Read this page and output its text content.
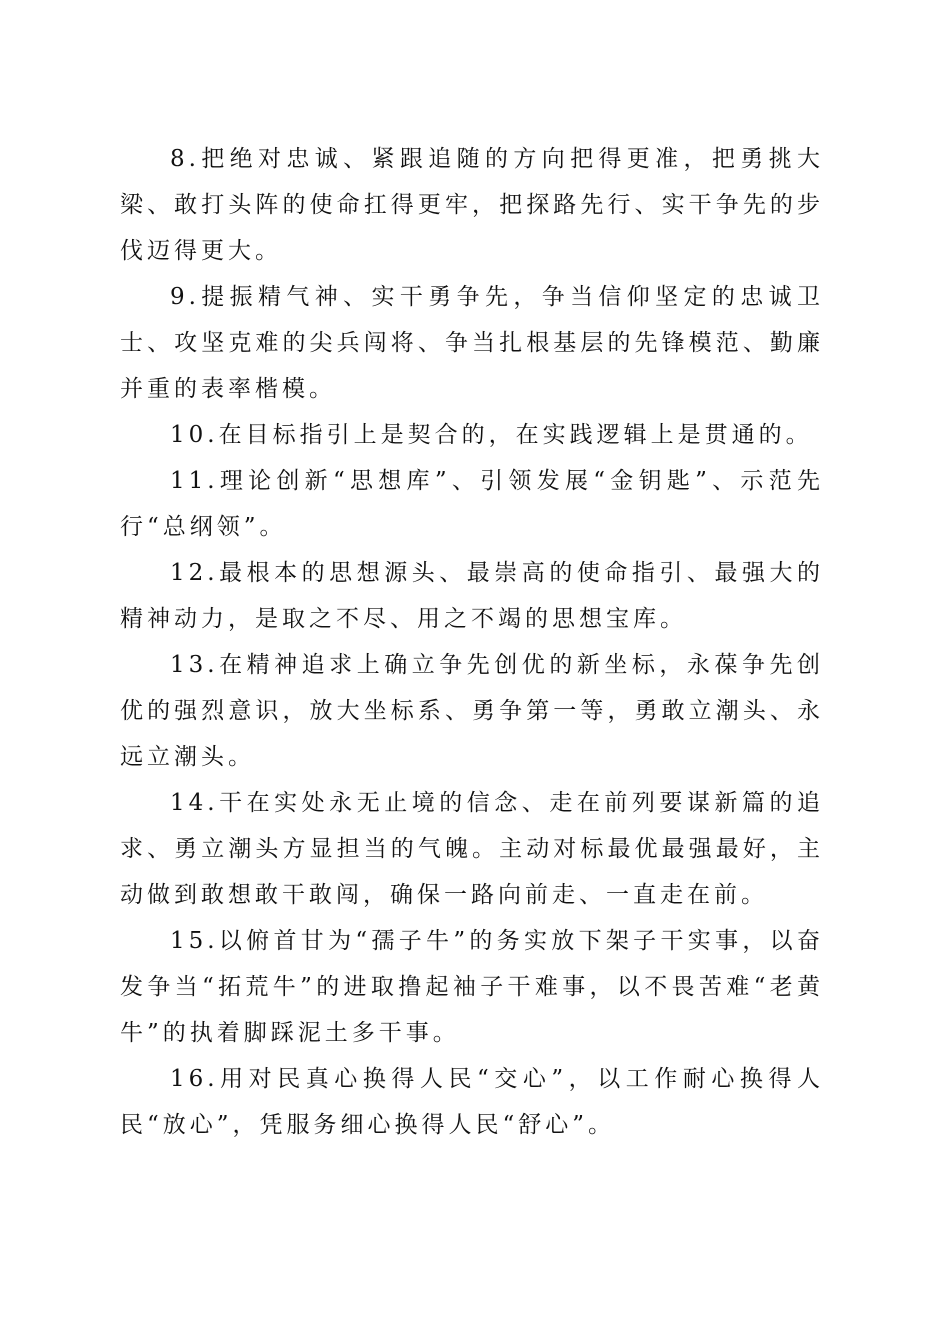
8.把绝对忠诚、紧跟追随的方向把得更准，把勇挑大梁、敢打头阵的使命扛得更牢，把探路先行、实干争先的步伐迈得更大。

9.提振精气神、实干勇争先，争当信仰坚定的忠诚卫士、攻坚克难的尖兵闯将、争当扎根基层的先锋模范、勤廉并重的表率楷模。

10.在目标指引上是契合的，在实践逻辑上是贯通的。

11.理论创新“思想库”、引领发展“金钥匙”、示范先行“总纲领”。

12.最根本的思想源头、最崇高的使命指引、最强大的精神动力，是取之不尽、用之不竭的思想宝库。

13.在精神追求上确立争先创优的新坐标，永葆争先创优的强烈意识，放大坐标系、勇争第一等，勇敢立潮头、永远立潮头。

14.干在实处永无止境的信念、走在前列要谋新篇的追求、勇立潮头方显担当的气魄。主动对标最优最强最好，主动做到敢想敢干敢闯，确保一路向前走、一直走在前。

15.以俯首甘为“孺子牛”的务实放下架子干实事，以奋发争当“拓荒牛”的进取撸起袖子干难事，以不畏苦难“老黄牛”的执着脚踩泥土多干事。

16.用对民真心换得人民“交心”，以工作耐心换得人民“放心”，凭服务细心换得人民“舒心”。
